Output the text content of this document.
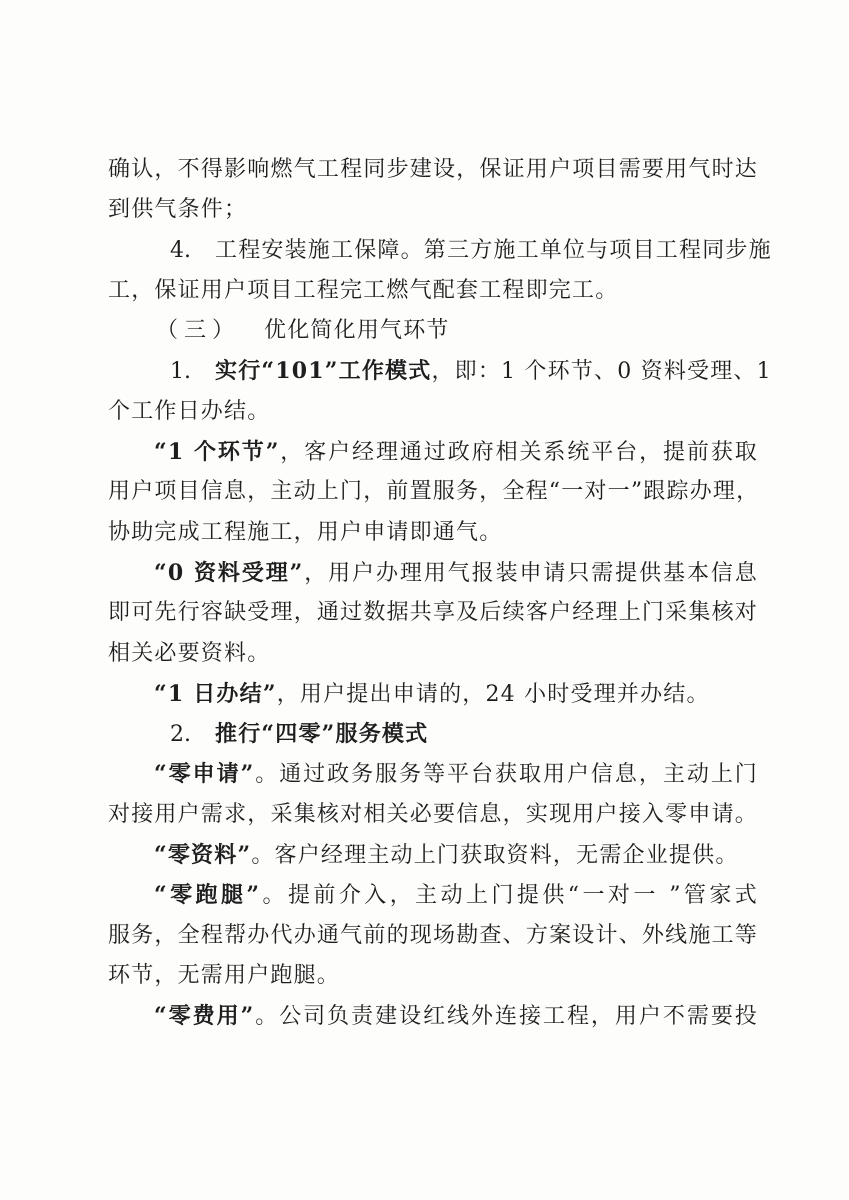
确认，不得影响燃气工程同步建设，保证用户项目需要用气时达
到供气条件；
4. 工程安装施工保障。第三方施工单位与项目工程同步施
工，保证用户项目工程完工燃气配套工程即完工。
（三） 优化简化用气环节
1. 实行“101”工作模式，即：1 个环节、0 资料受理、1
个工作日办结。
“1 个环节”，客户经理通过政府相关系统平台，提前获取
用户项目信息，主动上门，前置服务，全程“一对一”跟踪办理，
协助完成工程施工，用户申请即通气。
“0 资料受理”，用户办理用气报装申请只需提供基本信息
即可先行容缺受理，通过数据共享及后续客户经理上门采集核对
相关必要资料。
“1 日办结”，用户提出申请的，24 小时受理并办结。
2. 推行“四零”服务模式
“零申请”。通过政务服务等平台获取用户信息，主动上门
对接用户需求，采集核对相关必要信息，实现用户接入零申请。
“零资料”。客户经理主动上门获取资料，无需企业提供。
“零跑腿”。提前介入，主动上门提供“一对一 ”管家式
服务，全程帮办代办通气前的现场勘查、方案设计、外线施工等
环节，无需用户跑腿。
“零费用”。公司负责建设红线外连接工程，用户不需要投
